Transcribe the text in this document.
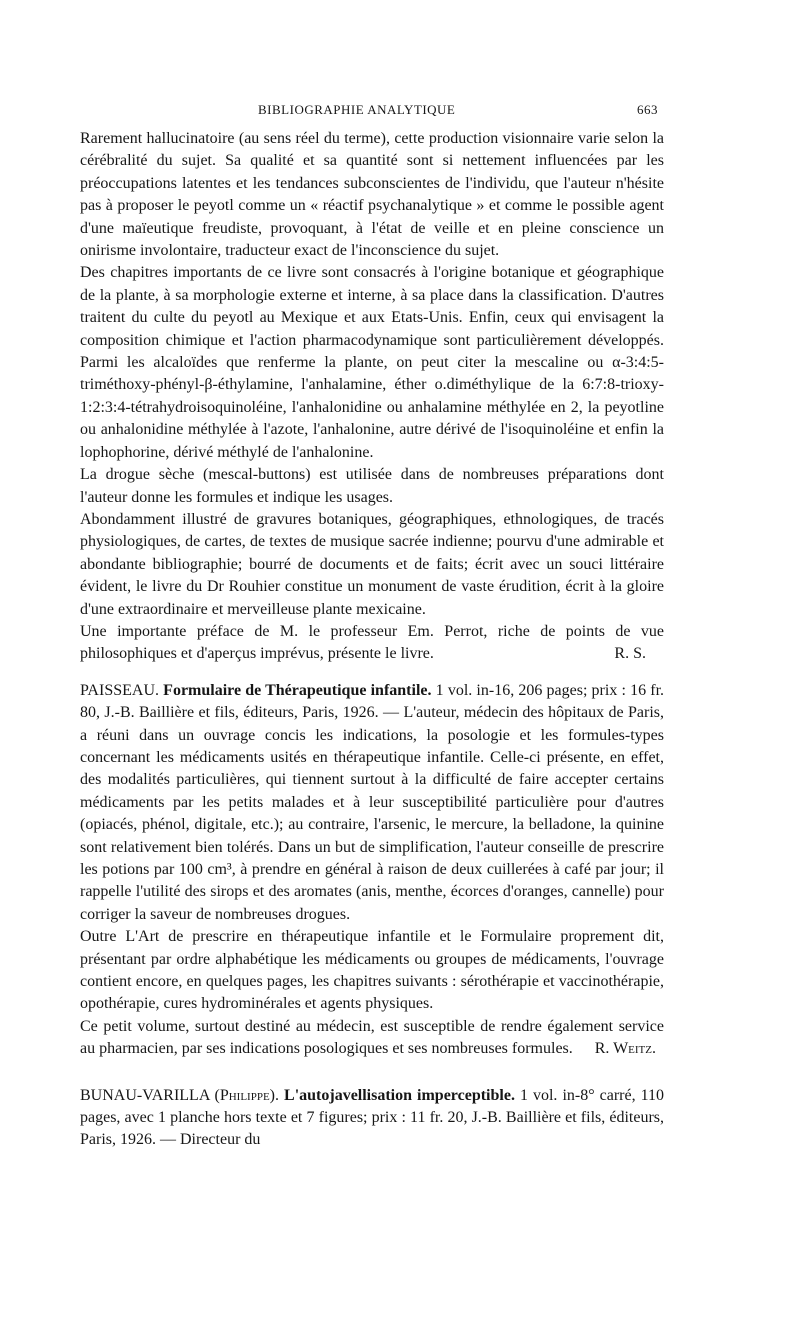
BIBLIOGRAPHIE ANALYTIQUE	663

Rarement hallucinatoire (au sens réel du terme), cette production visionnaire varie selon la cérébralité du sujet. Sa qualité et sa quantité sont si nettement influencées par les préoccupations latentes et les tendances subconscientes de l'individu, que l'auteur n'hésite pas à proposer le peyotl comme un « réactif psychanalytique » et comme le possible agent d'une maïeutique freudiste, provoquant, à l'état de veille et en pleine conscience un onirisme involontaire, traducteur exact de l'inconscience du sujet.

Des chapitres importants de ce livre sont consacrés à l'origine botanique et géographique de la plante, à sa morphologie externe et interne, à sa place dans la classification. D'autres traitent du culte du peyotl au Mexique et aux Etats-Unis. Enfin, ceux qui envisagent la composition chimique et l'action pharmacodynamique sont particulièrement développés. Parmi les alcaloïdes que renferme la plante, on peut citer la mescaline ou α-3:4:5-triméthoxy-phényl-β-éthylamine, l'anhalamine, éther o.diméthylique de la 6:7:8-trioxy-1:2:3:4-tétrahydroisoquinoléine, l'anhalonidine ou anhalamine méthylée en 2, la peyotline ou anhalonidine méthylée à l'azote, l'anhalonine, autre dérivé de l'isoquinoléine et enfin la lophophorine, dérivé méthylé de l'anhalonine.

La drogue sèche (mescal-buttons) est utilisée dans de nombreuses préparations dont l'auteur donne les formules et indique les usages.

Abondamment illustré de gravures botaniques, géographiques, ethnologiques, de tracés physiologiques, de cartes, de textes de musique sacrée indienne; pourvu d'une admirable et abondante bibliographie; bourré de documents et de faits; écrit avec un souci littéraire évident, le livre du Dr Rouhier constitue un monument de vaste érudition, écrit à la gloire d'une extraordinaire et merveilleuse plante mexicaine.

Une importante préface de M. le professeur Em. Perrot, riche de points de vue philosophiques et d'aperçus imprévus, présente le livre.	R. S.

PAISSEAU. Formulaire de Thérapeutique infantile. 1 vol. in-16, 206 pages; prix : 16 fr. 80, J.-B. Baillière et fils, éditeurs, Paris, 1926. — L'auteur, médecin des hôpitaux de Paris, a réuni dans un ouvrage concis les indications, la posologie et les formules-types concernant les médicaments usités en thérapeutique infantile. Celle-ci présente, en effet, des modalités particulières, qui tiennent surtout à la difficulté de faire accepter certains médicaments par les petits malades et à leur susceptibilité particulière pour d'autres (opiacés, phénol, digitale, etc.); au contraire, l'arsenic, le mercure, la belladone, la quinine sont relativement bien tolérés. Dans un but de simplification, l'auteur conseille de prescrire les potions par 100 cm³, à prendre en général à raison de deux cuillerées à café par jour; il rappelle l'utilité des sirops et des aromates (anis, menthe, écorces d'oranges, cannelle) pour corriger la saveur de nombreuses drogues.

Outre L'Art de prescrire en thérapeutique infantile et le Formulaire proprement dit, présentant par ordre alphabétique les médicaments ou groupes de médicaments, l'ouvrage contient encore, en quelques pages, les chapitres suivants : sérothérapie et vaccinothérapie, opothérapie, cures hydrominérales et agents physiques.

Ce petit volume, surtout destiné au médecin, est susceptible de rendre également service au pharmacien, par ses indications posologiques et ses nombreuses formules. R. Weitz.

BUNAU-VARILLA (Philippe). L'autojavellisation imperceptible. 1 vol. in-8° carré, 110 pages, avec 1 planche hors texte et 7 figures; prix : 11 fr. 20, J.-B. Baillière et fils, éditeurs, Paris, 1926. — Directeur du
